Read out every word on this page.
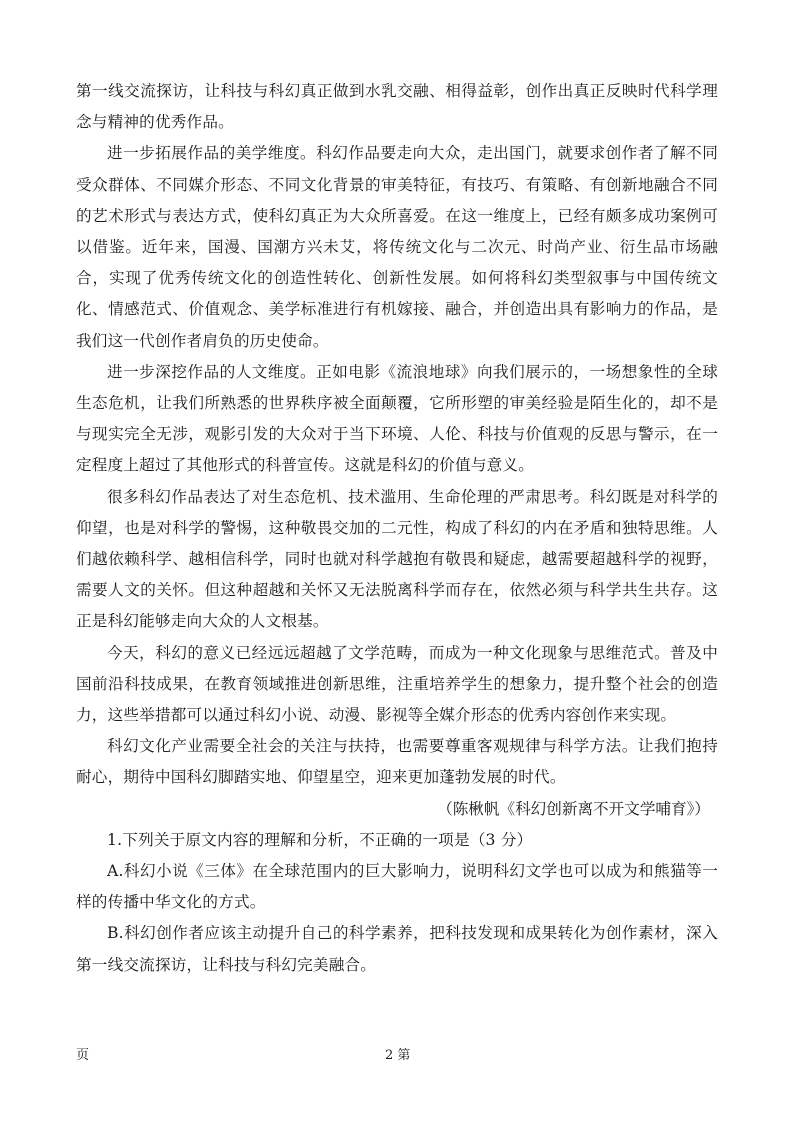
第一线交流探访，让科技与科幻真正做到水乳交融、相得益彰，创作出真正反映时代科学理念与精神的优秀作品。

进一步拓展作品的美学维度。科幻作品要走向大众，走出国门，就要求创作者了解不同受众群体、不同媒介形态、不同文化背景的审美特征，有技巧、有策略、有创新地融合不同的艺术形式与表达方式，使科幻真正为大众所喜爱。在这一维度上，已经有颇多成功案例可以借鉴。近年来，国漫、国潮方兴未艾，将传统文化与二次元、时尚产业、衍生品市场融合，实现了优秀传统文化的创造性转化、创新性发展。如何将科幻类型叙事与中国传统文化、情感范式、价值观念、美学标准进行有机嫁接、融合，并创造出具有影响力的作品，是我们这一代创作者肩负的历史使命。

进一步深挖作品的人文维度。正如电影《流浪地球》向我们展示的，一场想象性的全球生态危机，让我们所熟悉的世界秩序被全面颠覆，它所形塑的审美经验是陌生化的，却不是与现实完全无涉，观影引发的大众对于当下环境、人伦、科技与价值观的反思与警示，在一定程度上超过了其他形式的科普宣传。这就是科幻的价值与意义。

很多科幻作品表达了对生态危机、技术滥用、生命伦理的严肃思考。科幻既是对科学的仰望，也是对科学的警惕，这种敬畏交加的二元性，构成了科幻的内在矛盾和独特思维。人们越依赖科学、越相信科学，同时也就对科学越抱有敬畏和疑虑，越需要超越科学的视野，需要人文的关怀。但这种超越和关怀又无法脱离科学而存在，依然必须与科学共生共存。这正是科幻能够走向大众的人文根基。

今天，科幻的意义已经远远超越了文学范畴，而成为一种文化现象与思维范式。普及中国前沿科技成果，在教育领域推进创新思维，注重培养学生的想象力，提升整个社会的创造力，这些举措都可以通过科幻小说、动漫、影视等全媒介形态的优秀内容创作来实现。

科幻文化产业需要全社会的关注与扶持，也需要尊重客观规律与科学方法。让我们抱持耐心，期待中国科幻脚踏实地、仰望星空，迎来更加蓬勃发展的时代。

（陈楸帆《科幻创新离不开文学哺育》）

1.下列关于原文内容的理解和分析，不正确的一项是（3 分）

A.科幻小说《三体》在全球范围内的巨大影响力，说明科幻文学也可以成为和熊猫等一样的传播中华文化的方式。

B.科幻创作者应该主动提升自己的科学素养，把科技发现和成果转化为创作素材，深入第一线交流探访，让科技与科幻完美融合。

页	2 第
